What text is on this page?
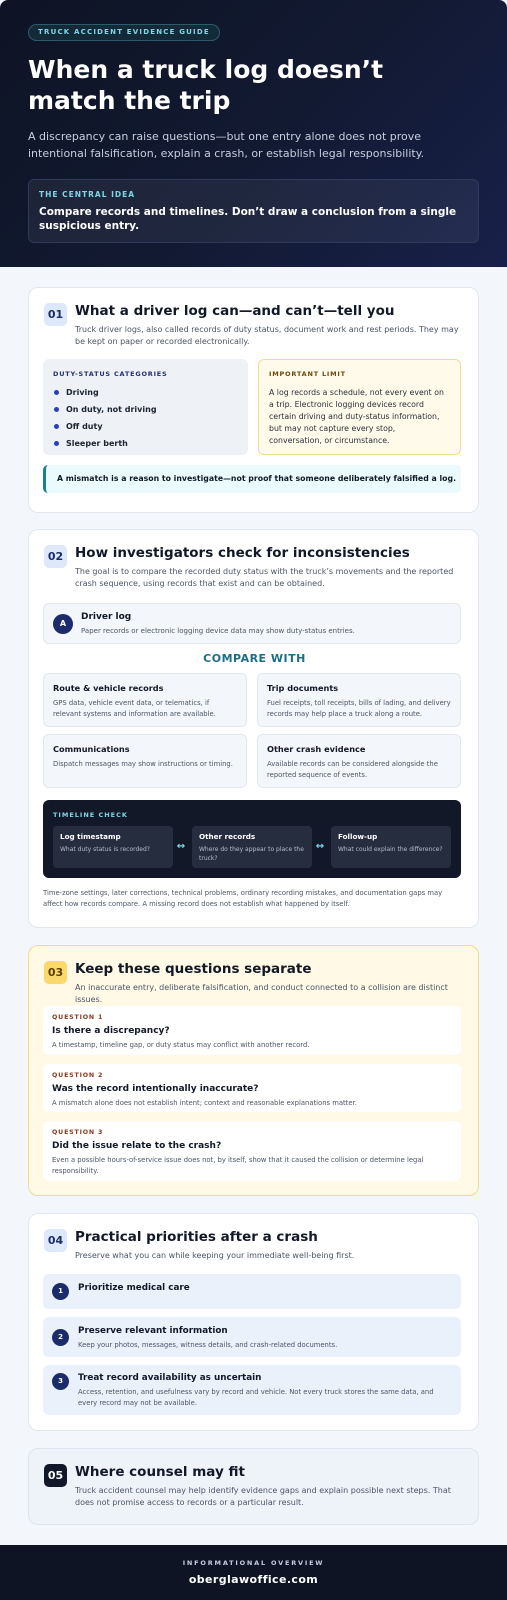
TRUCK ACCIDENT EVIDENCE GUIDE
When a truck log doesn’t match the trip

A discrepancy can raise questions—but one entry alone does not prove intentional falsification, explain a crash, or establish legal responsibility.

THE CENTRAL IDEA
Compare records and timelines. Don’t draw a conclusion from a single suspicious entry.
01 What a driver log can—and can’t—tell you

Truck driver logs, also called records of duty status, document work and rest periods. They may be kept on paper or recorded electronically.

DUTY-STATUS CATEGORIES
Driving
On duty, not driving
Off duty
Sleeper berth
IMPORTANT LIMIT
A log records a schedule, not every event on a trip. Electronic logging devices record certain driving and duty-status information, but may not capture every stop, conversation, or circumstance.
A mismatch is a reason to investigate—not proof that someone deliberately falsified a log.
02 How investigators check for inconsistencies

The goal is to compare the recorded duty status with the truck’s movements and the reported crash sequence, using records that exist and can be obtained.

A
Driver log
Paper records or electronic logging device data may show duty-status entries.
COMPARE WITH
Route & vehicle records
GPS data, vehicle event data, or telematics, if relevant systems and information are available.
Trip documents
Fuel receipts, toll receipts, bills of lading, and delivery records may help place a truck along a route.
Communications
Dispatch messages may show instructions or timing.
Other crash evidence
Available records can be considered alongside the reported sequence of events.
TIMELINE CHECK
Log timestamp
What duty status is recorded?	↔
Other records
Where do they appear to place the truck?
↔
Follow-up
What could explain the difference?

Time-zone settings, later corrections, technical problems, ordinary recording mistakes, and documentation gaps may affect how records compare. A missing record does not establish what happened by itself.

03 Keep these questions separate

An inaccurate entry, deliberate falsification, and conduct connected to a collision are distinct issues.

QUESTION 1
Is there a discrepancy?
A timestamp, timeline gap, or duty status may conflict with another record.
QUESTION 2
Was the record intentionally inaccurate?
A mismatch alone does not establish intent; context and reasonable explanations matter.
QUESTION 3
Did the issue relate to the crash?
Even a possible hours-of-service issue does not, by itself, show that it caused the collision or determine legal responsibility.
04 Practical priorities after a crash

Preserve what you can while keeping your immediate well-being first.

1	Prioritize medical care
2
Preserve relevant information
Keep your photos, messages, witness details, and crash-related documents.
3	Treat record availability as uncertain
Access, retention, and usefulness vary by record and vehicle. Not every truck stores the same data, and every record may not be available.
05 Where counsel may fit

Truck accident counsel may help identify evidence gaps and explain possible next steps. That does not promise access to records or a particular result.

INFORMATIONAL OVERVIEW
oberglawoffice.com
